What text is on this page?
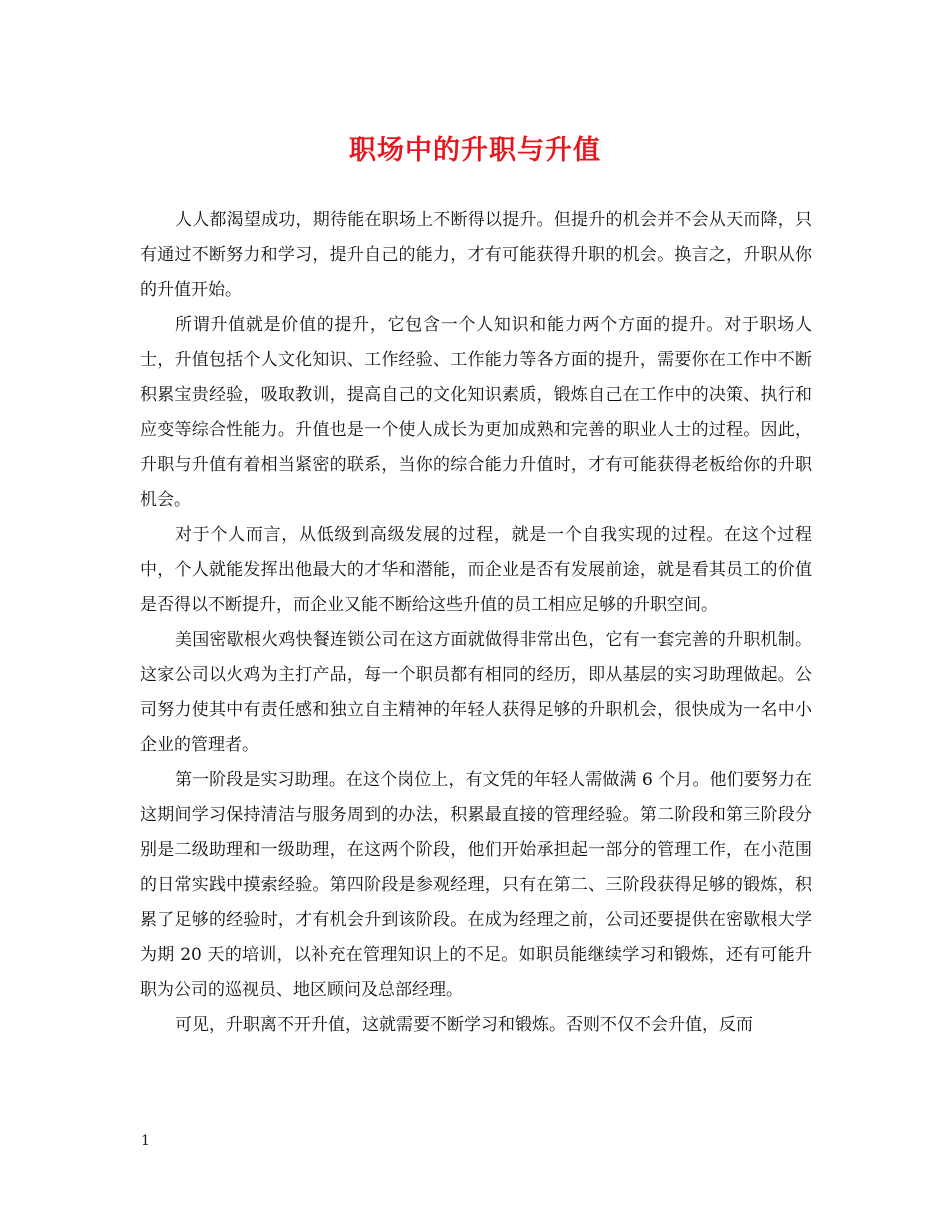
职场中的升职与升值

人人都渴望成功，期待能在职场上不断得以提升。但提升的机会并不会从天而降，只有通过不断努力和学习，提升自己的能力，才有可能获得升职的机会。换言之，升职从你的升值开始。

所谓升值就是价值的提升，它包含一个人知识和能力两个方面的提升。对于职场人士，升值包括个人文化知识、工作经验、工作能力等各方面的提升，需要你在工作中不断积累宝贵经验，吸取教训，提高自己的文化知识素质，锻炼自己在工作中的决策、执行和应变等综合性能力。升值也是一个使人成长为更加成熟和完善的职业人士的过程。因此，升职与升值有着相当紧密的联系，当你的综合能力升值时，才有可能获得老板给你的升职机会。

对于个人而言，从低级到高级发展的过程，就是一个自我实现的过程。在这个过程中，个人就能发挥出他最大的才华和潜能，而企业是否有发展前途，就是看其员工的价值是否得以不断提升，而企业又能不断给这些升值的员工相应足够的升职空间。

美国密歇根火鸡快餐连锁公司在这方面就做得非常出色，它有一套完善的升职机制。这家公司以火鸡为主打产品，每一个职员都有相同的经历，即从基层的实习助理做起。公司努力使其中有责任感和独立自主精神的年轻人获得足够的升职机会，很快成为一名中小企业的管理者。

第一阶段是实习助理。在这个岗位上，有文凭的年轻人需做满 6 个月。他们要努力在这期间学习保持清洁与服务周到的办法，积累最直接的管理经验。第二阶段和第三阶段分别是二级助理和一级助理，在这两个阶段，他们开始承担起一部分的管理工作，在小范围的日常实践中摸索经验。第四阶段是参观经理，只有在第二、三阶段获得足够的锻炼，积累了足够的经验时，才有机会升到该阶段。在成为经理之前，公司还要提供在密歇根大学为期 20 天的培训，以补充在管理知识上的不足。如职员能继续学习和锻炼，还有可能升职为公司的巡视员、地区顾问及总部经理。

可见，升职离不开升值，这就需要不断学习和锻炼。否则不仅不会升值，反而

1
